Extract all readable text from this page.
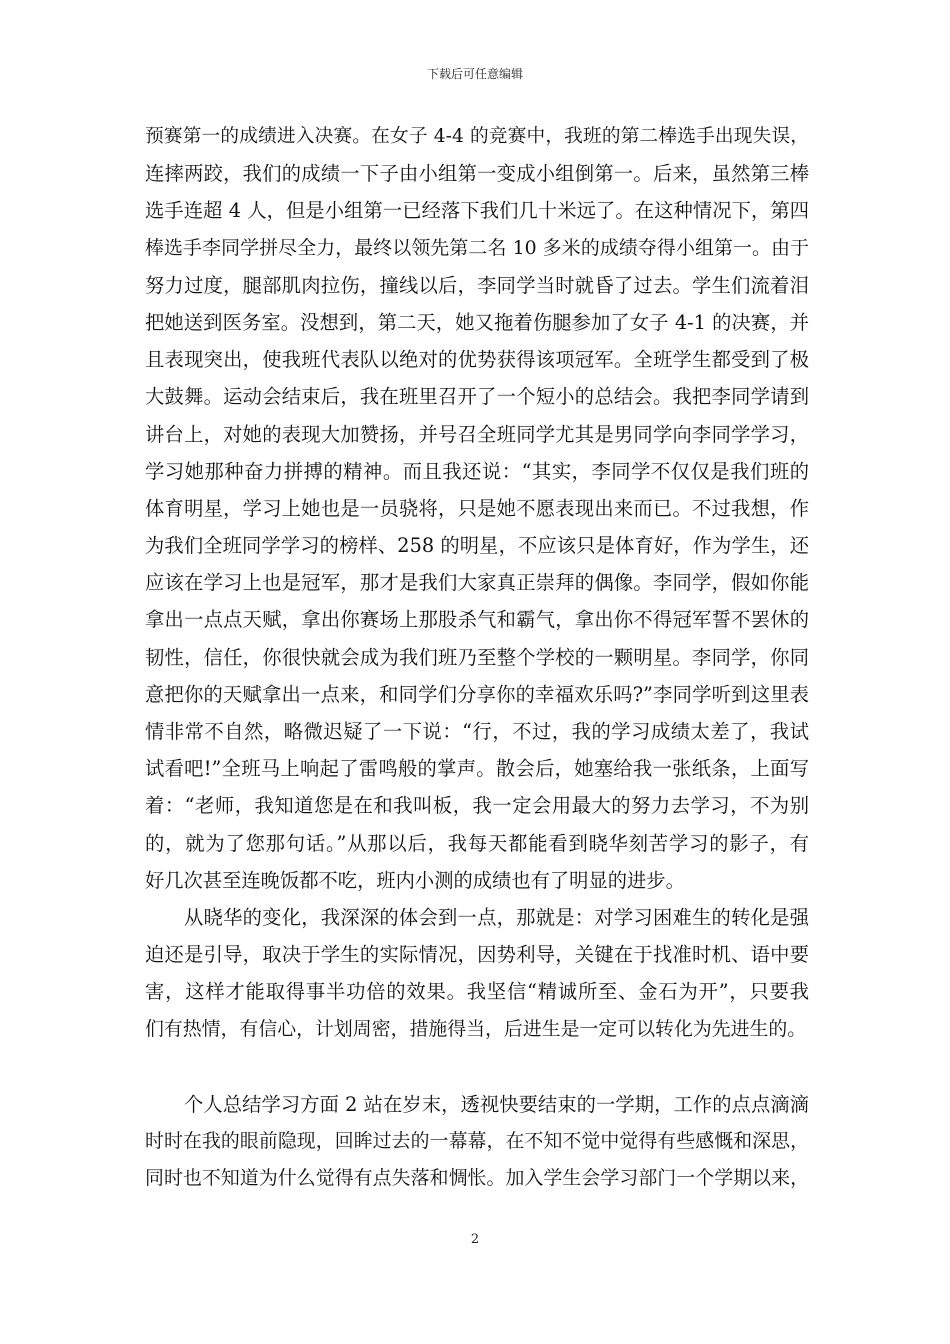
下载后可任意编辑
预赛第一的成绩进入决赛。在女子 4-4 的竞赛中，我班的第二棒选手出现失误，
连摔两跤，我们的成绩一下子由小组第一变成小组倒第一。后来，虽然第三棒
选手连超 4 人，但是小组第一已经落下我们几十米远了。在这种情况下，第四
棒选手李同学拼尽全力，最终以领先第二名 10 多米的成绩夺得小组第一。由于
努力过度，腿部肌肉拉伤，撞线以后，李同学当时就昏了过去。学生们流着泪
把她送到医务室。没想到，第二天，她又拖着伤腿参加了女子 4-1 的决赛，并
且表现突出，使我班代表队以绝对的优势获得该项冠军。全班学生都受到了极
大鼓舞。运动会结束后，我在班里召开了一个短小的总结会。我把李同学请到
讲台上，对她的表现大加赞扬，并号召全班同学尤其是男同学向李同学学习，
学习她那种奋力拼搏的精神。而且我还说：“其实，李同学不仅仅是我们班的
体育明星，学习上她也是一员骁将，只是她不愿表现出来而已。不过我想，作
为我们全班同学学习的榜样、258 的明星，不应该只是体育好，作为学生，还
应该在学习上也是冠军，那才是我们大家真正崇拜的偶像。李同学，假如你能
拿出一点点天赋，拿出你赛场上那股杀气和霸气，拿出你不得冠军誓不罢休的
韧性，信任，你很快就会成为我们班乃至整个学校的一颗明星。李同学，你同
意把你的天赋拿出一点来，和同学们分享你的幸福欢乐吗?”李同学听到这里表
情非常不自然，略微迟疑了一下说：“行，不过，我的学习成绩太差了，我试
试看吧!”全班马上响起了雷鸣般的掌声。散会后，她塞给我一张纸条，上面写
着：“老师，我知道您是在和我叫板，我一定会用最大的努力去学习，不为别
的，就为了您那句话。”从那以后，我每天都能看到晓华刻苦学习的影子，有
好几次甚至连晚饭都不吃，班内小测的成绩也有了明显的进步。
从晓华的变化，我深深的体会到一点，那就是：对学习困难生的转化是强
迫还是引导，取决于学生的实际情况，因势利导，关键在于找准时机、语中要
害，这样才能取得事半功倍的效果。我坚信“精诚所至、金石为开”，只要我
们有热情，有信心，计划周密，措施得当，后进生是一定可以转化为先进生的。
个人总结学习方面 2 站在岁末，透视快要结束的一学期，工作的点点滴滴
时时在我的眼前隐现，回眸过去的一幕幕，在不知不觉中觉得有些感慨和深思，
同时也不知道为什么觉得有点失落和惆怅。加入学生会学习部门一个学期以来，
2
